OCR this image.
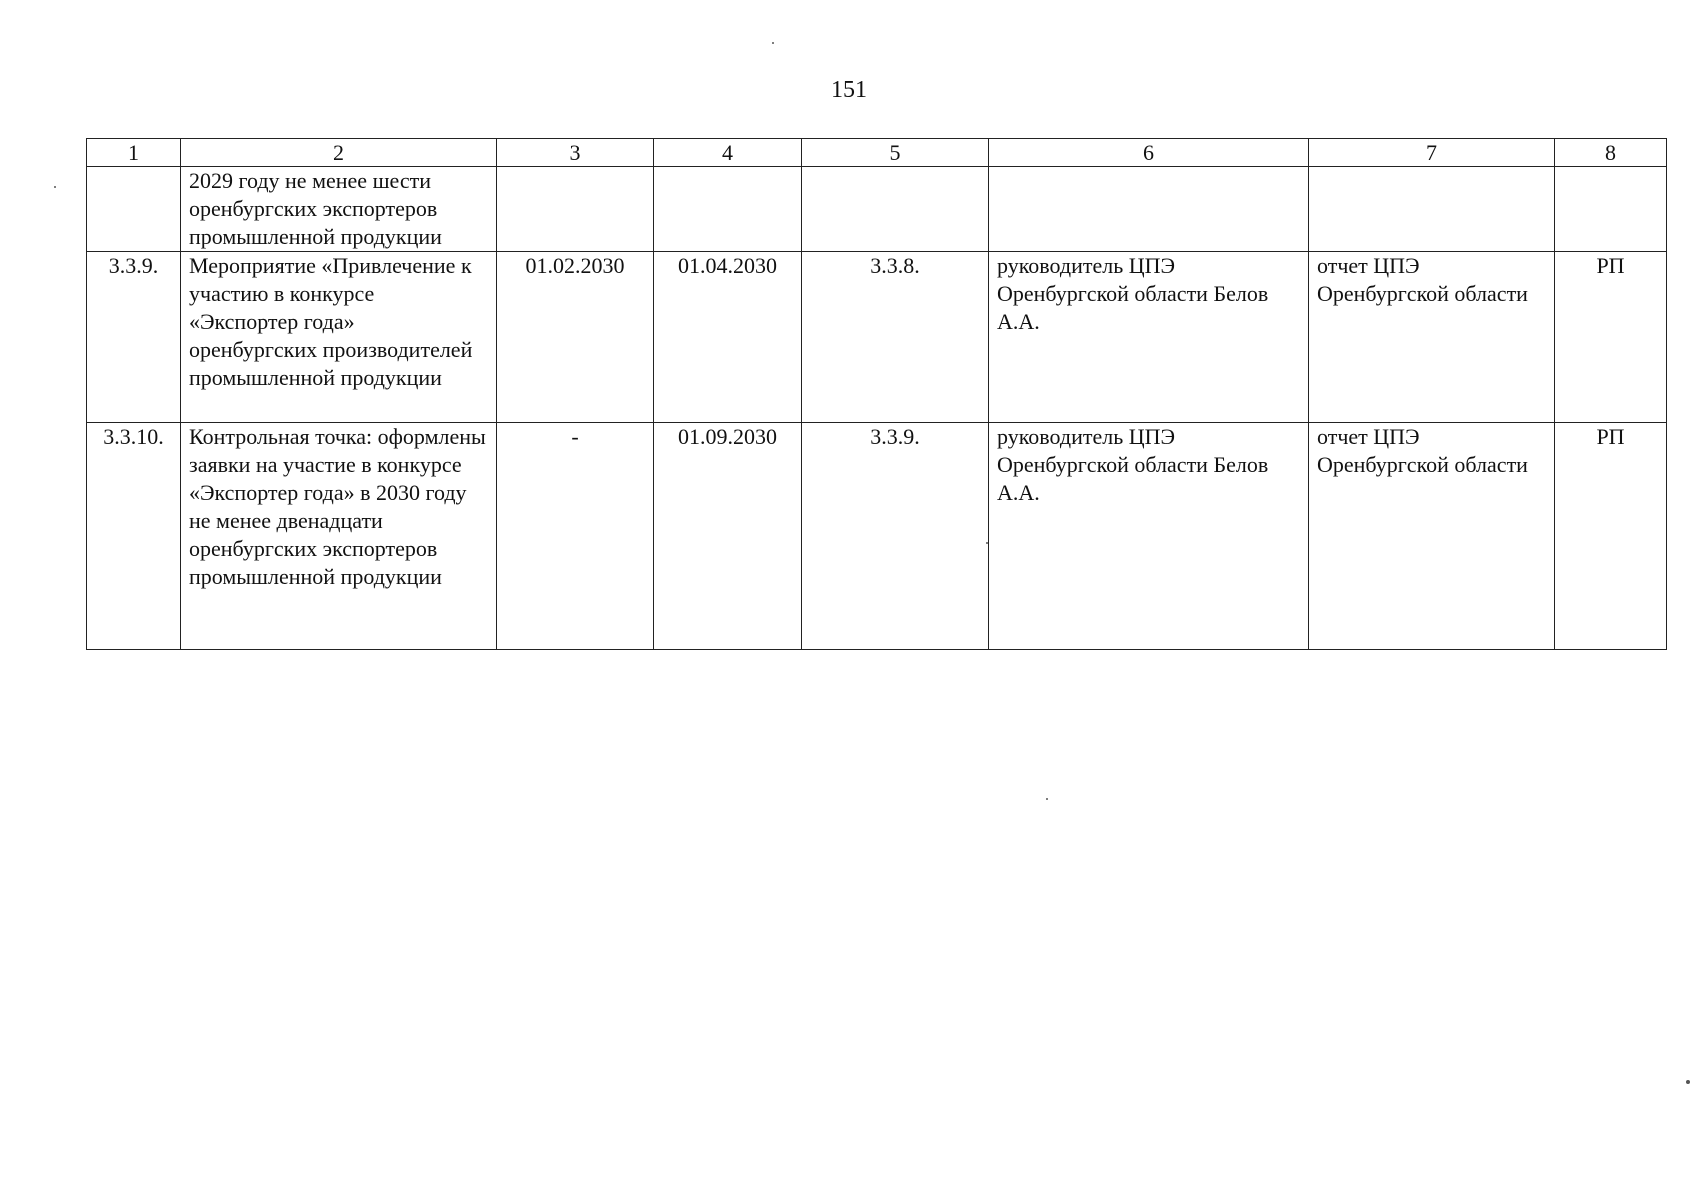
151
1	2	3	4	5	6	7	8
	2029 году не менее шести оренбургских экспортеров промышленной продукции						
3.3.9.	Мероприятие «Привлечение к участию в конкурсе «Экспортер года» оренбургских производителей промышленной продукции	01.02.2030	01.04.2030	3.3.8.	руководитель ЦПЭ Оренбургской области Белов А.А.	отчет ЦПЭ Оренбургской области	РП
3.3.10.	Контрольная точка: оформлены заявки на участие в конкурсе «Экспортер года» в 2030 году не менее двенадцати оренбургских экспортеров промышленной продукции	-	01.09.2030	3.3.9.	руководитель ЦПЭ Оренбургской области Белов А.А.	отчет ЦПЭ Оренбургской области	РП
